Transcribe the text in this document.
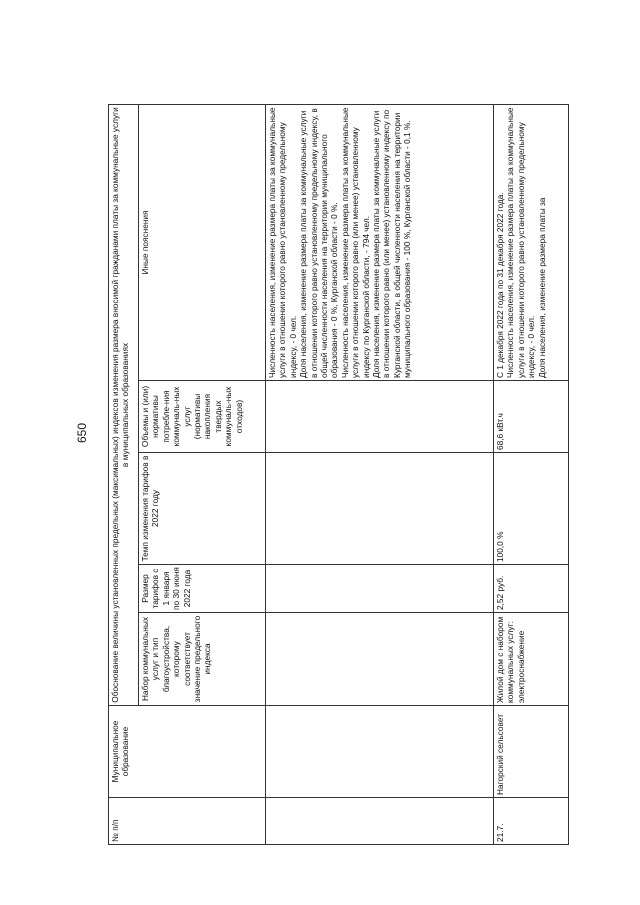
650
№ п/п	Муниципальное образование	Обоснование величины установленных предельных (максимальных) индексов изменения размера вносимой гражданами платы за коммунальные услуги в муниципальных образованиях				
		Набор коммунальных услуг и тип благоустройства, которому соответствует значение предельного индекса	Размер тарифов с 1 января по 30 июня 2022 года	Темп изменения тарифов в 2022 году	Объемы и (или) нормативы потребле-ния коммуналь-ных услуг (нормативы накопления твердых коммуналь-ных отходов)	Иные пояснения
						Численность населения, изменение размера платы за коммунальные услуги в отношении которого равно установленному предельному индексу, - 0 чел.
Доля населения, изменение размера платы за коммунальные услуги в отношении которого равно установленному предельному индексу, в общей численности населения на территории муниципального образования - 0 %, Курганской области - 0 %.
Численность населения, изменение размера платы за коммунальные услуги в отношении которого равно (или менее) установленному индексу по Курганской области, - 794 чел.
Доля населения, изменение размера платы за коммунальные услуги в отношении которого равно (или менее) установленному индексу по Курганской области, в общей численности населения на территории муниципального образования - 100 %, Курганской области - 0,1 %.
21.7.	Нагорский сельсовет	Жилой дом с набором коммунальных услуг:
электроснабжение	2,52 руб.	100,0 %	68,6 кВт.ч	С 1 декабря 2022 года по 31 декабря 2022 года.
Численность населения, изменение размера платы за коммунальные услуги в отношении которого равно установленному предельному индексу, - 0 чел.
Доля населения, изменение размера платы за
